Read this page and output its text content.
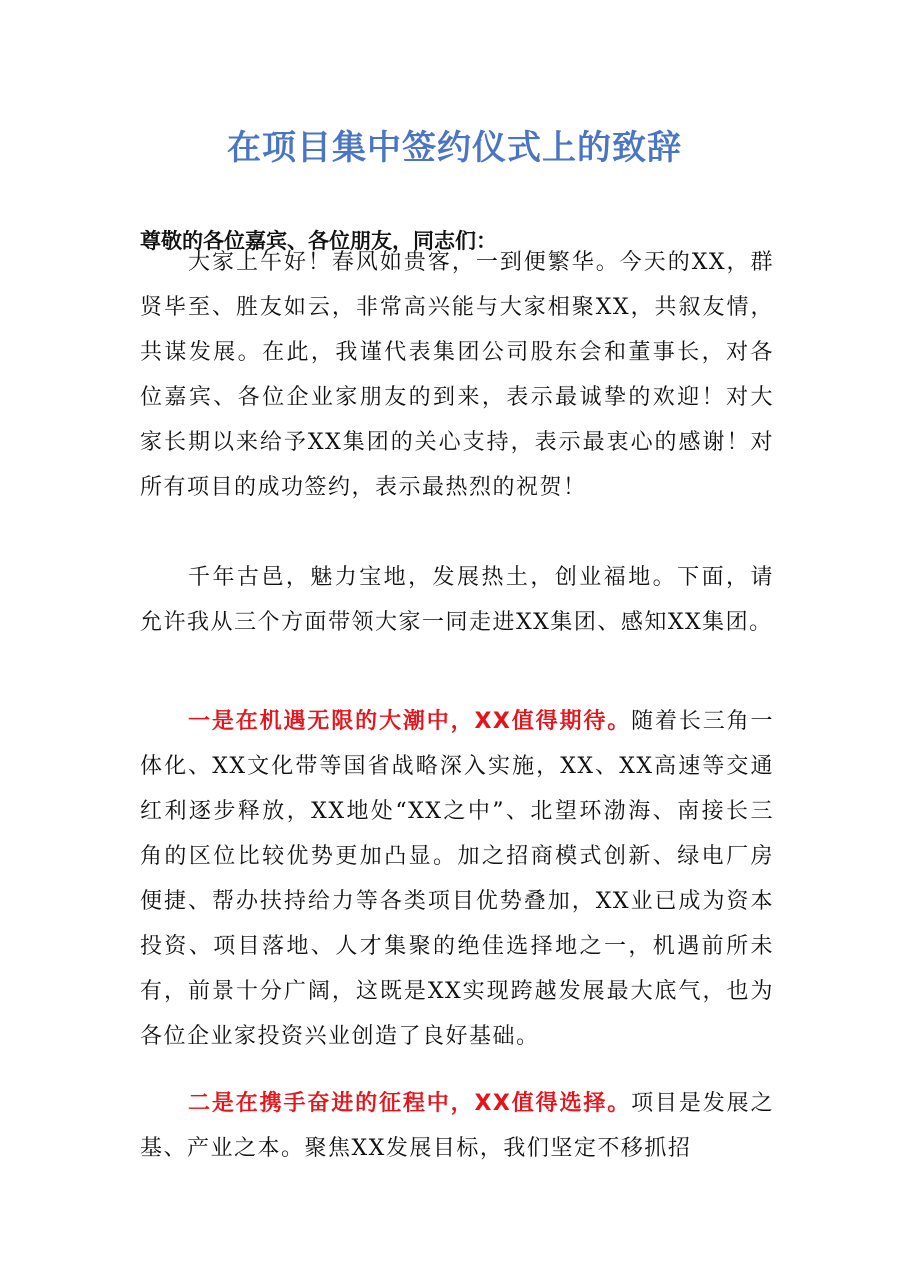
在项目集中签约仪式上的致辞
尊敬的各位嘉宾、各位朋友，同志们：

大家上午好！春风如贵客，一到便繁华。今天的XX，群贤毕至、胜友如云，非常高兴能与大家相聚XX，共叙友情，共谋发展。在此，我谨代表集团公司股东会和董事长，对各位嘉宾、各位企业家朋友的到来，表示最诚挚的欢迎！对大家长期以来给予XX集团的关心支持，表示最衷心的感谢！对所有项目的成功签约，表示最热烈的祝贺！

千年古邑，魅力宝地，发展热土，创业福地。下面，请允许我从三个方面带领大家一同走进XX集团、感知XX集团。

一是在机遇无限的大潮中，XX值得期待。随着长三角一体化、XX文化带等国省战略深入实施，XX、XX高速等交通红利逐步释放，XX地处“XX之中”、北望环渤海、南接长三角的区位比较优势更加凸显。加之招商模式创新、绿电厂房便捷、帮办扶持给力等各类项目优势叠加，XX业已成为资本投资、项目落地、人才集聚的绝佳选择地之一，机遇前所未有，前景十分广阔，这既是XX实现跨越发展最大底气，也为各位企业家投资兴业创造了良好基础。

二是在携手奋进的征程中，XX值得选择。项目是发展之基、产业之本。聚焦XX发展目标，我们坚定不移抓招
